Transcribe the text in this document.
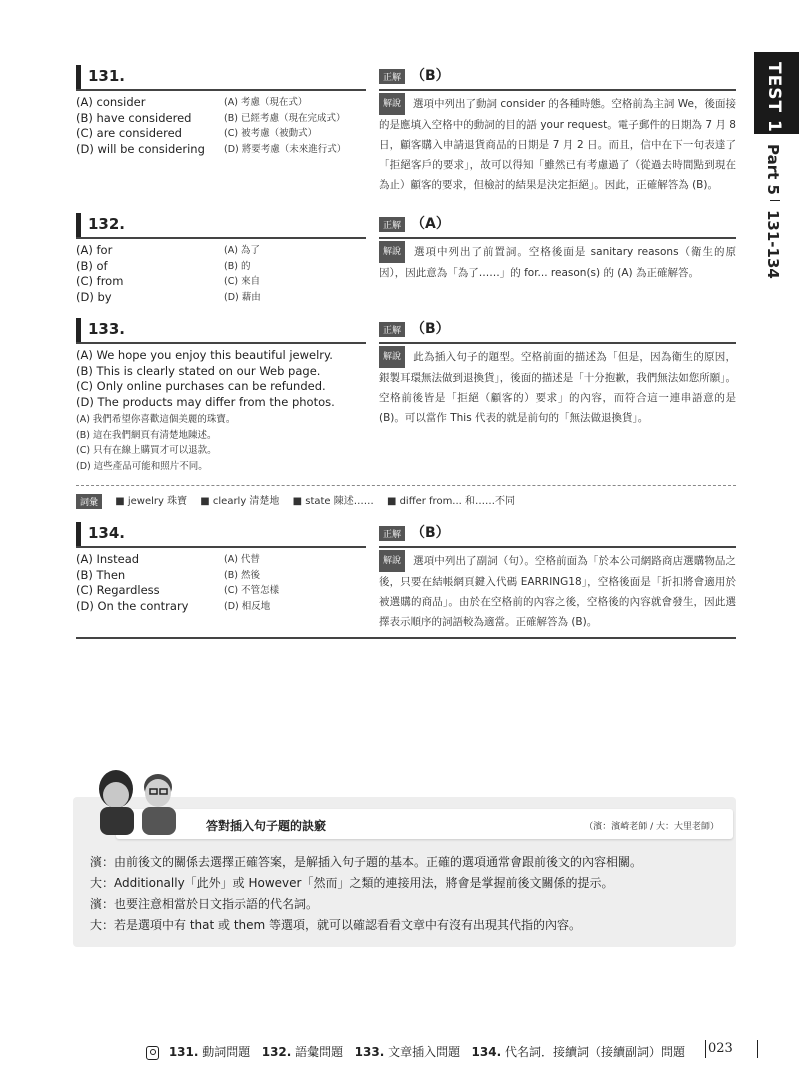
TEST 1
Part 5
131-134
131.
(A) consider
(B) have considered
(C) are considered
(D) will be considering
(A) 考慮（現在式）
(B) 已經考慮（現在完成式）
(C) 被考慮（被動式）
(D) 將要考慮（未來進行式）
正解 （B）
解說 選項中列出了動詞 consider 的各種時態。空格前為主詞 We，後面接的是應填入空格中的動詞的目的語 your request。電子郵件的日期為 7 月 8 日，顧客購入申請退貨商品的日期是 7 月 2 日。而且，信中在下一句表達了「拒絕客戶的要求」，故可以得知「雖然已有考慮過了（從過去時間點到現在為止）顧客的要求，但檢討的結果是決定拒絕」。因此，正確解答為 (B)。
132.
(A) for
(B) of
(C) from
(D) by
(A) 為了
(B) 的
(C) 來自
(D) 藉由
正解 （A）
解說 選項中列出了前置詞。空格後面是 sanitary reasons（衛生的原因），因此意為「為了……」的 for... reason(s) 的 (A) 為正確解答。
133.
(A) We hope you enjoy this beautiful jewelry.
(B) This is clearly stated on our Web page.
(C) Only online purchases can be refunded.
(D) The products may differ from the photos.
(A) 我們希望你喜歡這個美麗的珠寶。
(B) 這在我們網頁有清楚地陳述。
(C) 只有在線上購買才可以退款。
(D) 這些產品可能和照片不同。
正解 （B）
解說 此為插入句子的題型。空格前面的描述為「但是，因為衛生的原因，銀製耳環無法做到退換貨」，後面的描述是「十分抱歉，我們無法如您所願」。空格前後皆是「拒絕（顧客的）要求」的內容，而符合這一連串語意的是 (B)。可以當作 This 代表的就是前句的「無法做退換貨」。
詞彙 ■ jewelry 珠寶 ■ clearly 清楚地 ■ state 陳述…… ■ differ from... 和……不同
134.
(A) Instead
(B) Then
(C) Regardless
(D) On the contrary
(A) 代替
(B) 然後
(C) 不管怎樣
(D) 相反地
正解 （B）
解說 選項中列出了副詞（句）。空格前面為「於本公司網路商店選購物品之後，只要在結帳網頁鍵入代碼 EARRING18」，空格後面是「折扣將會適用於被選購的商品」。由於在空格前的內容之後，空格後的內容就會發生，因此選擇表示順序的詞語較為適當。正確解答為 (B)。
答對插入句子題的訣竅	（濱：濱崎老師 / 大：大里老師）
濱：由前後文的關係去選擇正確答案，是解插入句子題的基本。正確的選項通常會跟前後文的內容相關。
大：Additionally「此外」或 However「然而」之類的連接用法，將會是掌握前後文關係的提示。
濱：也要注意相當於日文指示語的代名詞。
大：若是選項中有 that 或 them 等選項，就可以確認看看文章中有沒有出現其代指的內容。
131. 動詞問題 132. 語彙問題 133. 文章插入問題 134. 代名詞．接續詞（接續副詞）問題 023
